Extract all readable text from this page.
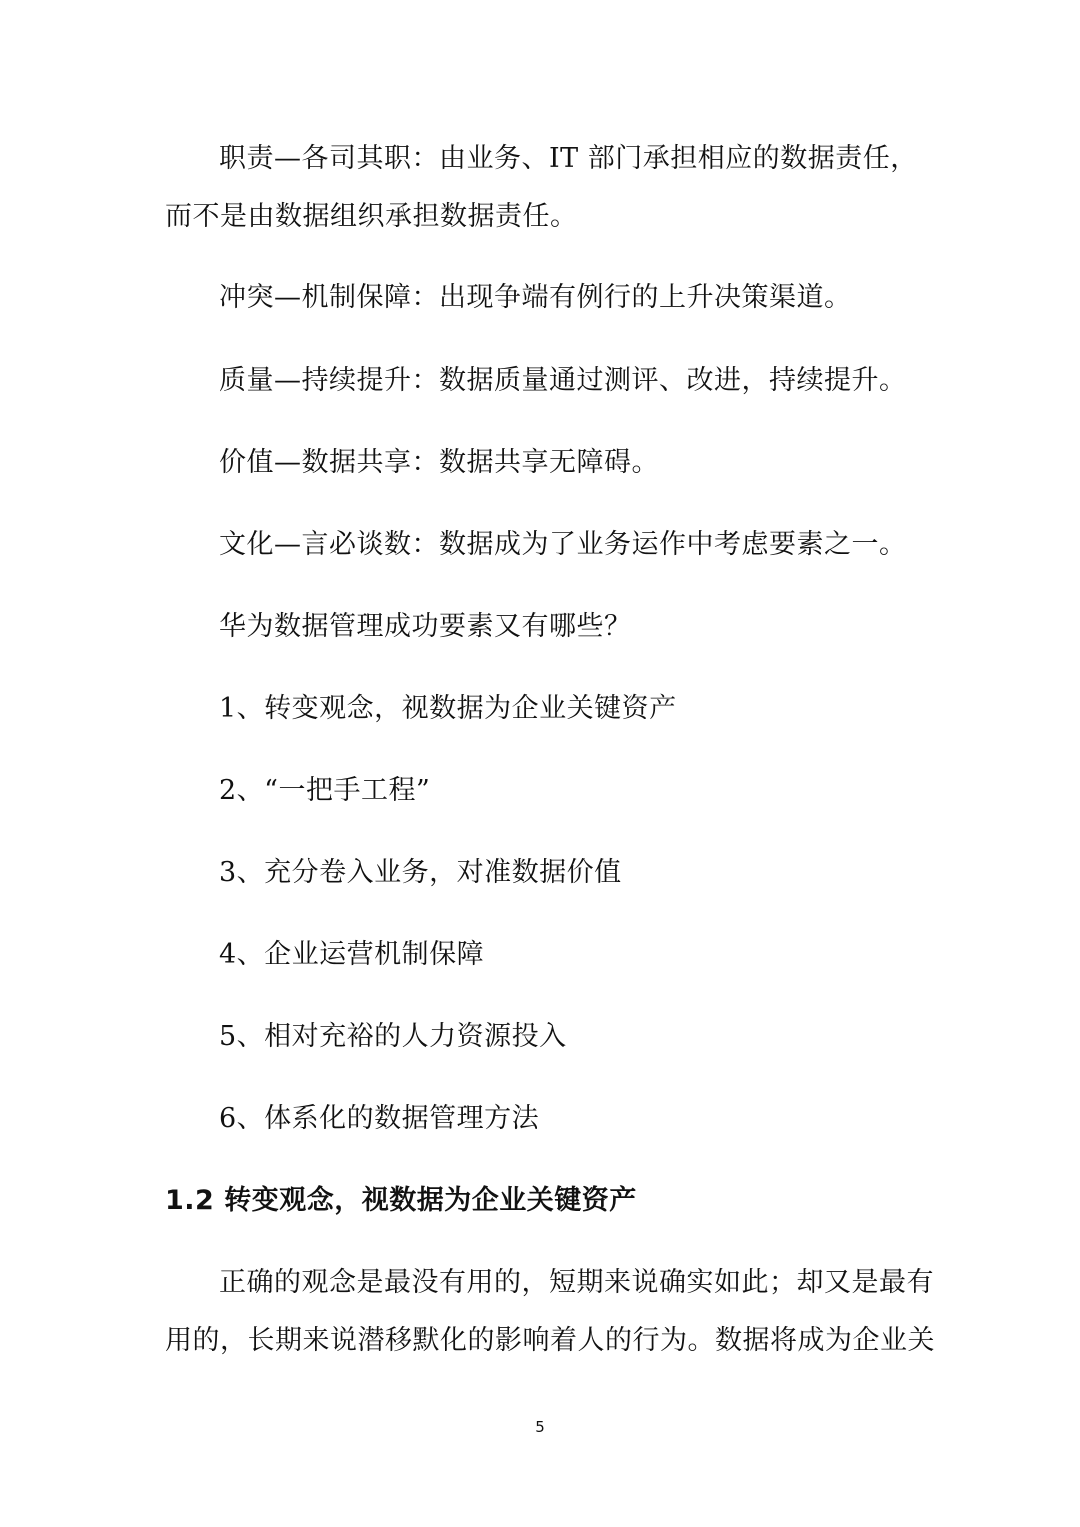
职责—各司其职：由业务、IT 部门承担相应的数据责任，
而不是由数据组织承担数据责任。
冲突—机制保障：出现争端有例行的上升决策渠道。
质量—持续提升：数据质量通过测评、改进，持续提升。
价值—数据共享：数据共享无障碍。
文化—言必谈数：数据成为了业务运作中考虑要素之一。
华为数据管理成功要素又有哪些？
1、转变观念，视数据为企业关键资产
2、“一把手工程”
3、充分卷入业务，对准数据价值
4、企业运营机制保障
5、相对充裕的人力资源投入
6、体系化的数据管理方法
1.2 转变观念，视数据为企业关键资产
正确的观念是最没有用的，短期来说确实如此；却又是最有
用的，长期来说潜移默化的影响着人的行为。数据将成为企业关
5
